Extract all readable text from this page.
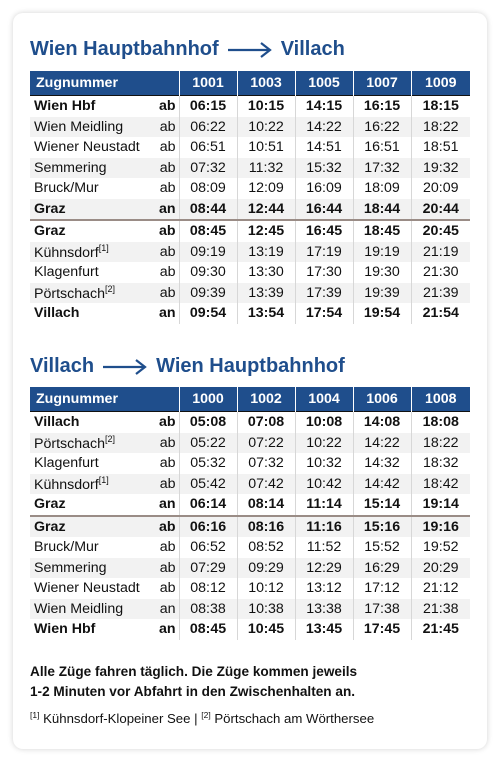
Wien Hauptbahnhof	Villach
Zugnummer		1001	1003	1005	1007	1009
Wien Hbf	ab	06:15	10:15	14:15	16:15	18:15
Wien Meidling	ab	06:22	10:22	14:22	16:22	18:22
Wiener Neustadt	ab	06:51	10:51	14:51	16:51	18:51
Semmering	ab	07:32	11:32	15:32	17:32	19:32
Bruck/Mur	ab	08:09	12:09	16:09	18:09	20:09
Graz	an	08:44	12:44	16:44	18:44	20:44
Graz	ab	08:45	12:45	16:45	18:45	20:45
Kühnsdorf[1]	ab	09:19	13:19	17:19	19:19	21:19
Klagenfurt	ab	09:30	13:30	17:30	19:30	21:30
Pörtschach[2]	ab	09:39	13:39	17:39	19:39	21:39
Villach	an	09:54	13:54	17:54	19:54	21:54
Villach	Wien Hauptbahnhof
Zugnummer		1000	1002	1004	1006	1008
Villach	ab	05:08	07:08	10:08	14:08	18:08
Pörtschach[2]	ab	05:22	07:22	10:22	14:22	18:22
Klagenfurt	ab	05:32	07:32	10:32	14:32	18:32
Kühnsdorf[1]	ab	05:42	07:42	10:42	14:42	18:42
Graz	an	06:14	08:14	11:14	15:14	19:14
Graz	ab	06:16	08:16	11:16	15:16	19:16
Bruck/Mur	ab	06:52	08:52	11:52	15:52	19:52
Semmering	ab	07:29	09:29	12:29	16:29	20:29
Wiener Neustadt	ab	08:12	10:12	13:12	17:12	21:12
Wien Meidling	an	08:38	10:38	13:38	17:38	21:38
Wien Hbf	an	08:45	10:45	13:45	17:45	21:45
Alle Züge fahren täglich. Die Züge kommen jeweils
1-2 Minuten vor Abfahrt in den Zwischenhalten an.
[1] Kühnsdorf-Klopeiner See | [2] Pörtschach am Wörthersee
